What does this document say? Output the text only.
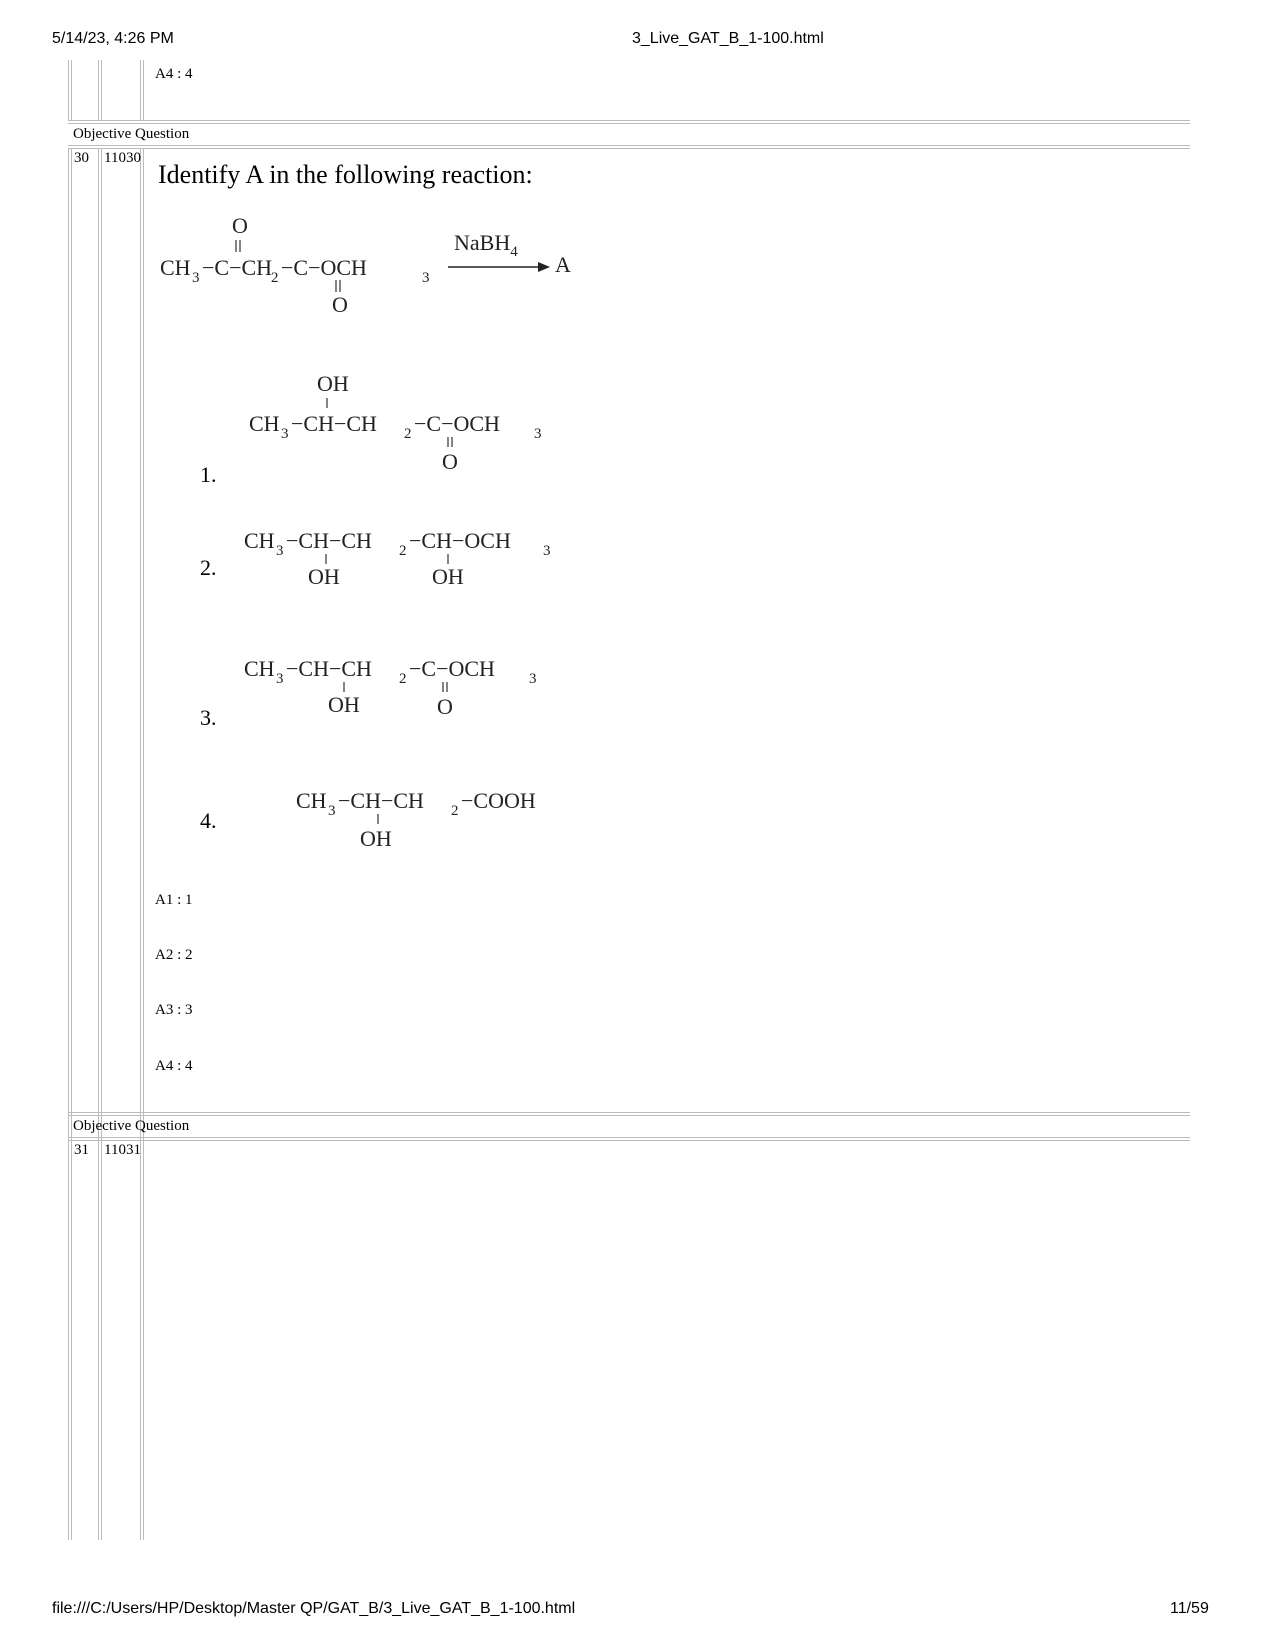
5/14/23, 4:26 PM	3_Live_GAT_B_1-100.html
A4 : 4
Objective Question
30 11030
Identify A in the following reaction:
O
CH 3 −C−CH
2 −C−OCH	3
O
NaBH$_4$ A
1.
OH
CH 3 −CH−CH 2 −C−OCH 3
O
2.
CH 3 −CH−CH 2 −CH−OCH 3
OH	OH
3.
CH 3 −CH−CH 2 −C−OCH 3
OH	O
4.
CH 3 −CH−CH 2 −COOH
OH
A1 : 1
A2 : 2
A3 : 3
A4 : 4
Objective Question
31 11031
file:///C:/Users/HP/Desktop/Master QP/GAT_B/3_Live_GAT_B_1-100.html	11/59
